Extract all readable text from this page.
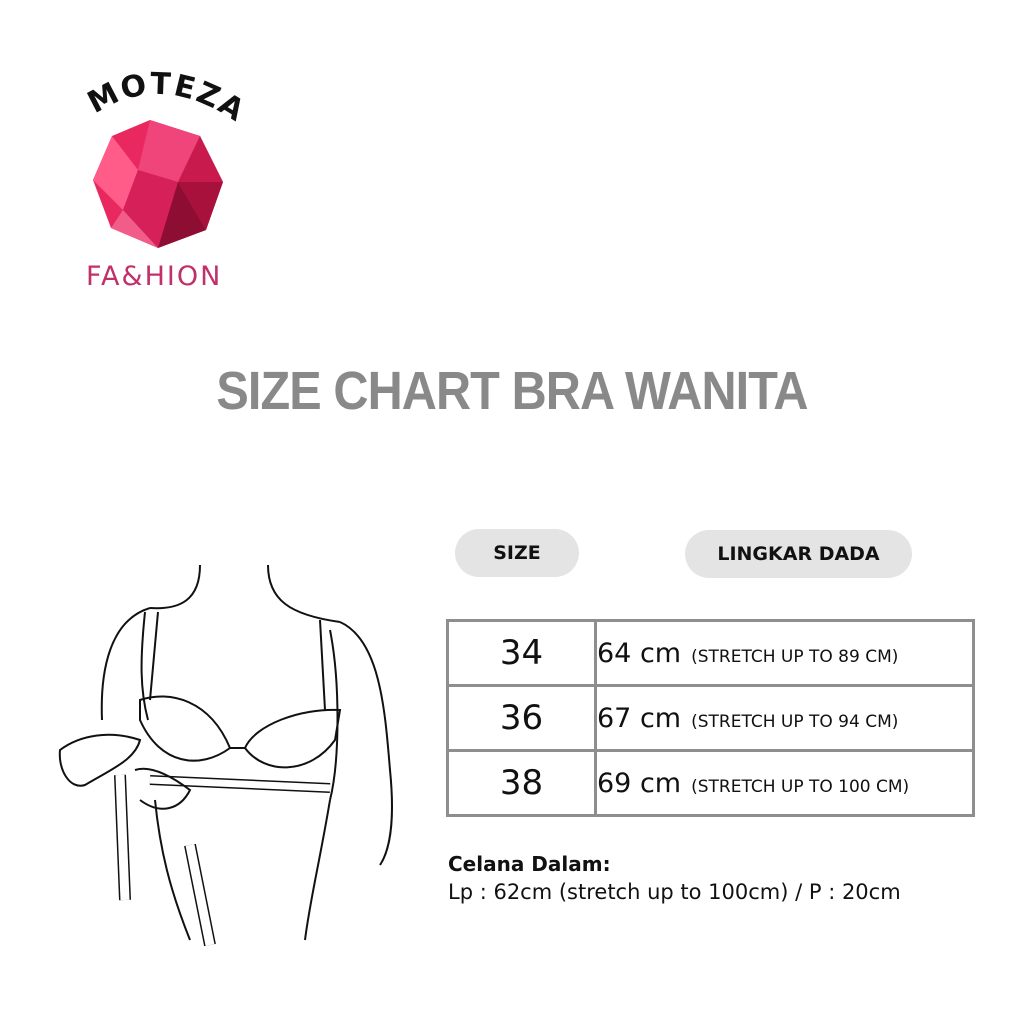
MOTEZA
FA&HION
SIZE CHART BRA WANITA
SIZE	LINGKAR DADA
34	64 cm (STRETCH UP TO 89 CM)
36	67 cm (STRETCH UP TO 94 CM)
38	69 cm (STRETCH UP TO 100 CM)
Celana Dalam:
Lp : 62cm (stretch up to 100cm) / P : 20cm
